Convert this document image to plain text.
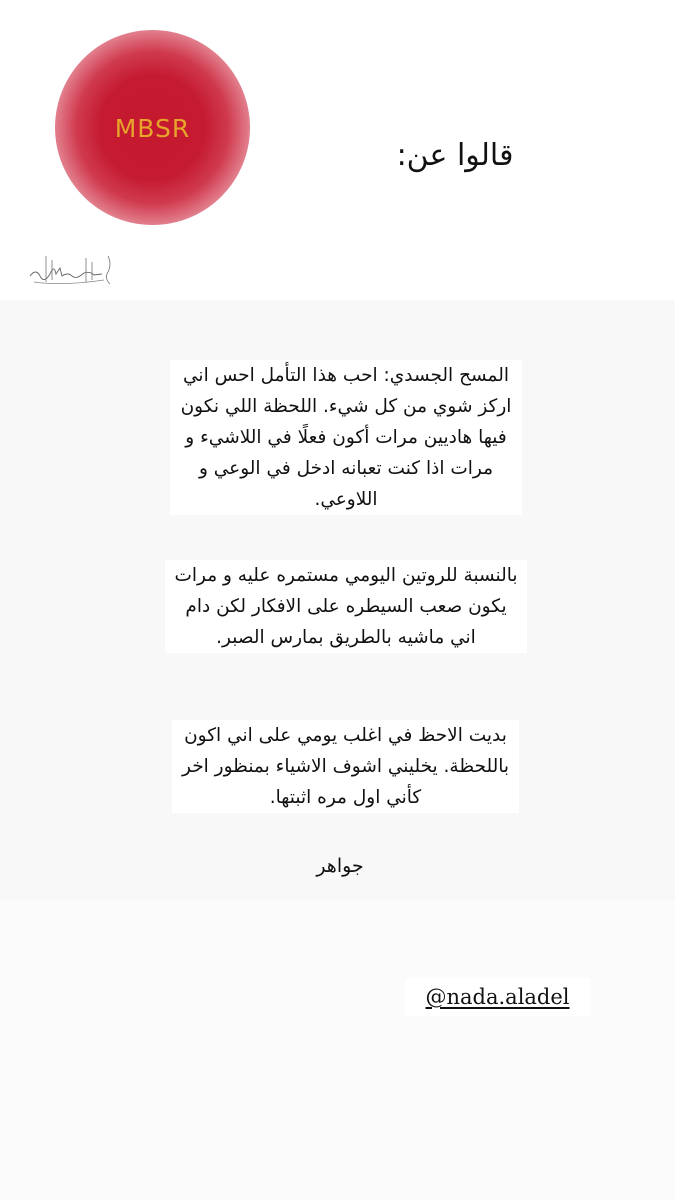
MBSR
قالوا عن:
المسح الجسدي: احب هذا التأمل احس اني اركز شوي من كل شيء. اللحظة اللي نكون فيها هاديين مرات أكون فعلًا في اللاشيء و مرات اذا كنت تعبانه ادخل في الوعي و اللاوعي.
بالنسبة للروتين اليومي مستمره عليه و مرات يكون صعب السيطره على الافكار لكن دام اني ماشيه بالطريق بمارس الصبر.
بديت الاحظ في اغلب يومي على اني اكون باللحظة. يخليني اشوف الاشياء بمنظور اخر كأني اول مره اثبتها.
جواهر
@nada.aladel
